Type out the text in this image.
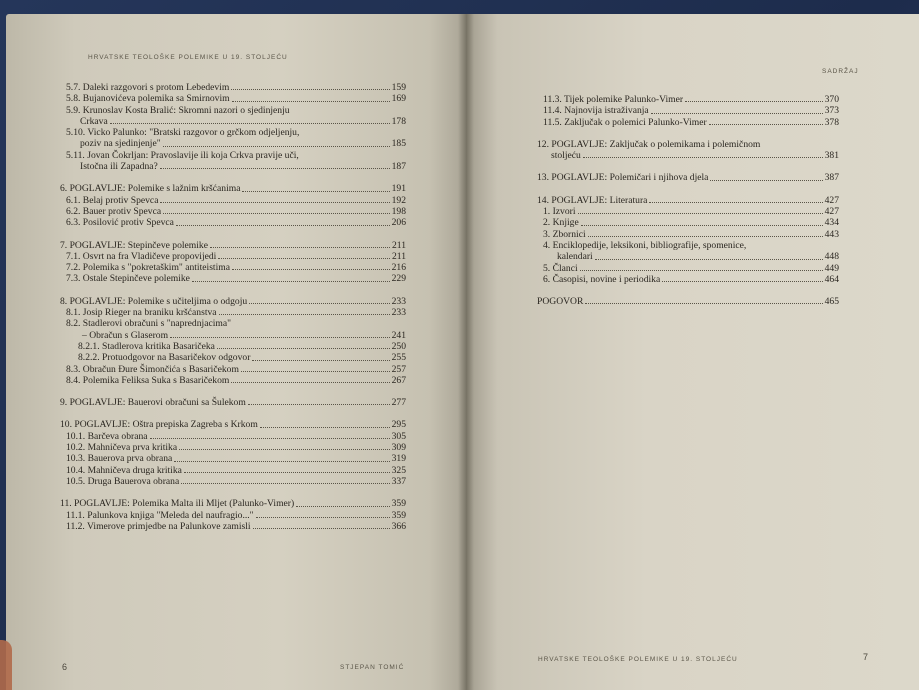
HRVATSKE TEOLOŠKE POLEMIKE U 19. STOLJEĆU
5.7. Daleki razgovori s protom Lebedevim	159
5.8. Bujanovićeva polemika sa Smirnovim	169
5.9. Krunoslav Kosta Bralić: Skromni nazori o sjedinjenju
Crkava	178
5.10. Vicko Palunko: "Bratski razgovor o grčkom odjeljenju,
poziv na sjedinjenje"	185
5.11. Jovan Čokrljan: Pravoslavije ili koja Crkva pravije uči,
Istočna ili Zapadna?	187
6. POGLAVLJE: Polemike s lažnim kršćanima	191
6.1. Belaj protiv Spevca	192
6.2. Bauer protiv Spevca	198
6.3. Posilović protiv Spevca	206
7. POGLAVLJE: Stepinčeve polemike	211
7.1. Osvrt na fra Vladičeve propovijedi	211
7.2. Polemika s "pokretaškim" antiteistima	216
7.3. Ostale Stepinčeve polemike	229
8. POGLAVLJE: Polemike s učiteljima o odgoju	233
8.1. Josip Rieger na braniku kršćanstva	233
8.2. Stadlerovi obračuni s "naprednjacima"
– Obračun s Glaserom	241
8.2.1. Stadlerova kritika Basaričeka	250
8.2.2. Protuodgovor na Basaričekov odgovor	255
8.3. Obračun Đure Šimončića s Basaričekom	257
8.4. Polemika Feliksa Suka s Basaričekom	267
9. POGLAVLJE: Bauerovi obračuni sa Šulekom	277
10. POGLAVLJE: Oštra prepiska Zagreba s Krkom	295
10.1. Barčeva obrana	305
10.2. Mahničeva prva kritika	309
10.3. Bauerova prva obrana	319
10.4. Mahničeva druga kritika	325
10.5. Druga Bauerova obrana	337
11. POGLAVLJE: Polemika Malta ili Mljet (Palunko-Vimer)	359
11.1. Palunkova knjiga "Meleda del naufragio..."	359
11.2. Vimerove primjedbe na Palunkove zamisli	366
6	STJEPAN TOMIĆ
SADRŽAJ
11.3. Tijek polemike Palunko-Vimer	370
11.4. Najnovija istraživanja	373
11.5. Zaključak o polemici Palunko-Vimer	378
12. POGLAVLJE: Zaključak o polemikama i polemičnom
stoljeću	381
13. POGLAVLJE: Polemičari i njihova djela	387
14. POGLAVLJE: Literatura	427
1. Izvori	427
2. Knjige	434
3. Zbornici	443
4. Enciklopedije, leksikoni, bibliografije, spomenice,
kalendari	448
5. Članci	449
6. Časopisi, novine i periodika	464
POGOVOR	465
HRVATSKE TEOLOŠKE POLEMIKE U 19. STOLJEĆU	7
